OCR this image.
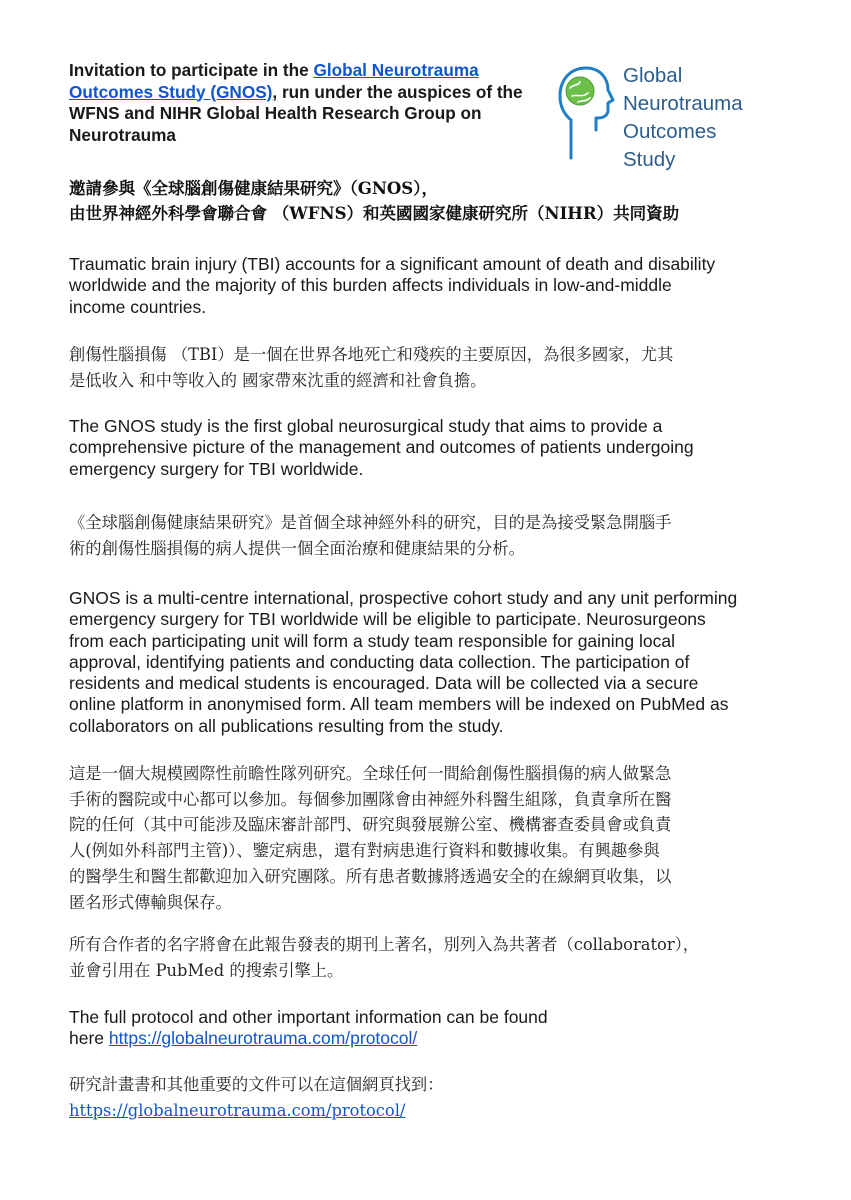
Invitation to participate in the Global Neurotrauma Outcomes Study (GNOS), run under the auspices of the WFNS and NIHR Global Health Research Group on Neurotrauma
Global
Neurotrauma
Outcomes
Study
邀請參與《全球腦創傷健康結果研究》（GNOS），
由世界神經外科學會聯合會 （WFNS）和英國國家健康研究所（NIHR）共同資助
Traumatic brain injury (TBI) accounts for a significant amount of death and disability
worldwide and the majority of this burden affects individuals in low-and-middle
income countries.
創傷性腦損傷 （TBI）是一個在世界各地死亡和殘疾的主要原因，為很多國家，尤其
是低收入 和中等收入的 國家帶來沈重的經濟和社會負擔。
The GNOS study is the first global neurosurgical study that aims to provide a
comprehensive picture of the management and outcomes of patients undergoing
emergency surgery for TBI worldwide.
《全球腦創傷健康結果研究》是首個全球神經外科的研究，目的是為接受緊急開腦手
術的創傷性腦損傷的病人提供一個全面治療和健康結果的分析。
GNOS is a multi-centre international, prospective cohort study and any unit performing
emergency surgery for TBI worldwide will be eligible to participate. Neurosurgeons
from each participating unit will form a study team responsible for gaining local
approval, identifying patients and conducting data collection. The participation of
residents and medical students is encouraged. Data will be collected via a secure
online platform in anonymised form. All team members will be indexed on PubMed as
collaborators on all publications resulting from the study.
這是一個大規模國際性前瞻性隊列研究。全球任何一間給創傷性腦損傷的病人做緊急
手術的醫院或中心都可以參加。每個參加團隊會由神經外科醫生組隊，負責拿所在醫
院的任何（其中可能涉及臨床審計部門、研究與發展辦公室、機構審查委員會或負責
人(例如外科部門主管)）、鑒定病患，還有對病患進行資料和數據收集。有興趣參與
的醫學生和醫生都歡迎加入研究團隊。所有患者數據將透過安全的在線網頁收集，以
匿名形式傳輸與保存。
所有合作者的名字將會在此報告發表的期刊上著名，別列入為共著者（collaborator），
並會引用在 PubMed 的搜索引擎上。
The full protocol and other important information can be found
here https://globalneurotrauma.com/protocol/
研究計畫書和其他重要的文件可以在這個網頁找到：
https://globalneurotrauma.com/protocol/
